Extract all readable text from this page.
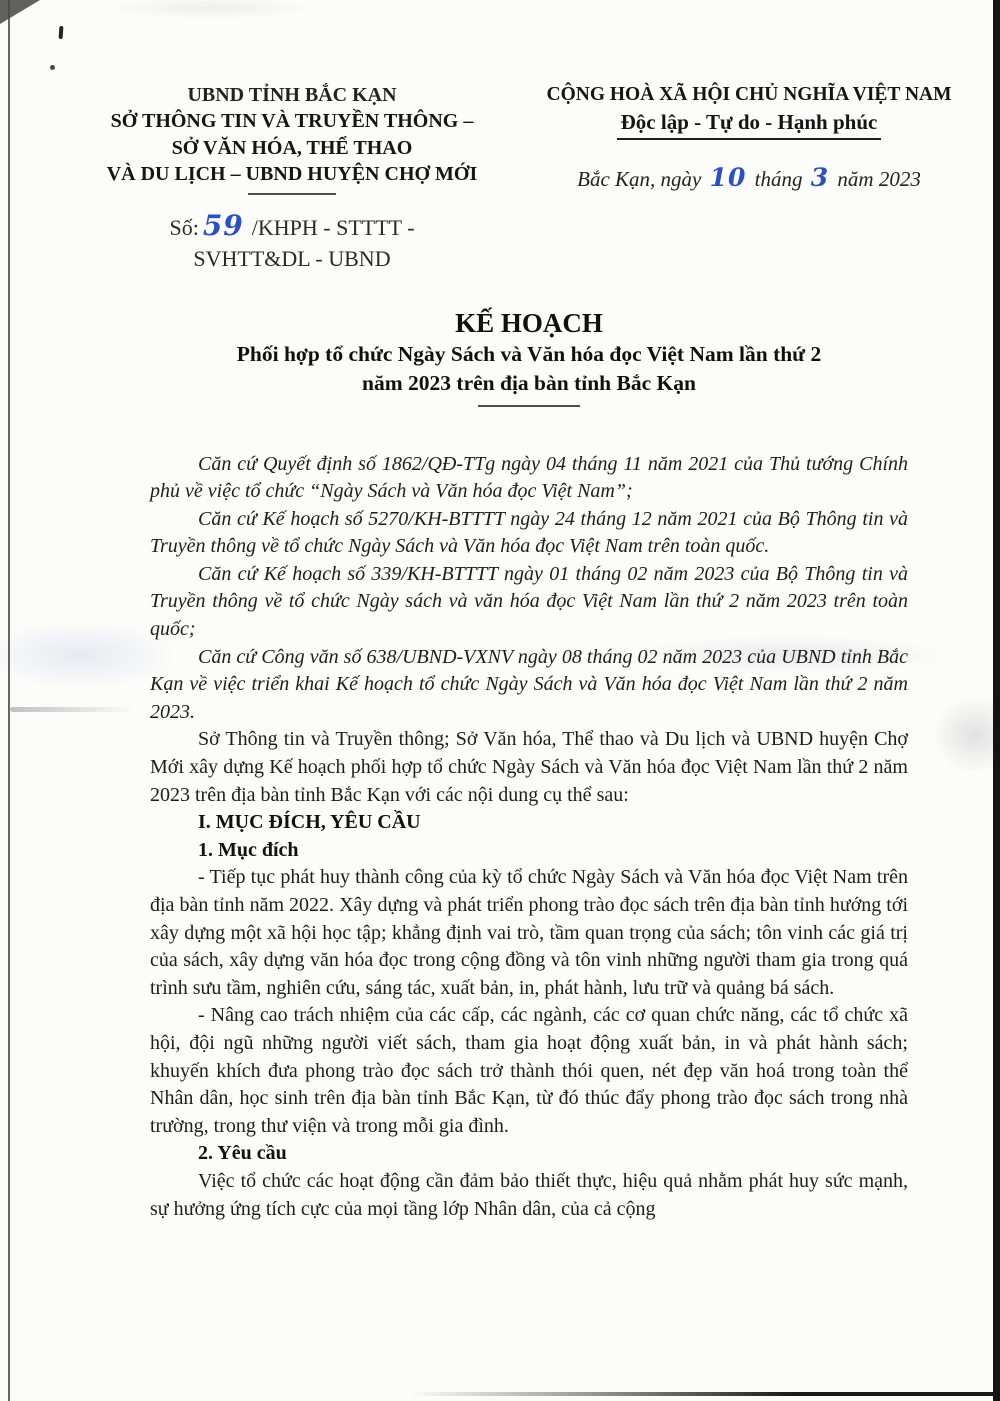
UBND TỈNH BẮC KẠN
SỞ THÔNG TIN VÀ TRUYỀN THÔNG –
SỞ VĂN HÓA, THỂ THAO
VÀ DU LỊCH – UBND HUYỆN CHỢ MỚI
Số: 59 /KHPH - STTTT -
SVHTT&DL - UBND
CỘNG HOÀ XÃ HỘI CHỦ NGHĨA VIỆT NAM
Độc lập - Tự do - Hạnh phúc
Bắc Kạn, ngày 10 tháng 3 năm 2023
KẾ HOẠCH
Phối hợp tổ chức Ngày Sách và Văn hóa đọc Việt Nam lần thứ 2
năm 2023 trên địa bàn tỉnh Bắc Kạn

Căn cứ Quyết định số 1862/QĐ-TTg ngày 04 tháng 11 năm 2021 của Thủ tướng Chính phủ về việc tổ chức “Ngày Sách và Văn hóa đọc Việt Nam”;

Căn cứ Kế hoạch số 5270/KH-BTTTT ngày 24 tháng 12 năm 2021 của Bộ Thông tin và Truyền thông về tổ chức Ngày Sách và Văn hóa đọc Việt Nam trên toàn quốc.

Căn cứ Kế hoạch số 339/KH-BTTTT ngày 01 tháng 02 năm 2023 của Bộ Thông tin và Truyền thông về tổ chức Ngày sách và văn hóa đọc Việt Nam lần thứ 2 năm 2023 trên toàn quốc;

Căn cứ Công văn số 638/UBND-VXNV ngày 08 tháng 02 năm 2023 của UBND tỉnh Bắc Kạn về việc triển khai Kế hoạch tổ chức Ngày Sách và Văn hóa đọc Việt Nam lần thứ 2 năm 2023.

Sở Thông tin và Truyền thông; Sở Văn hóa, Thể thao và Du lịch và UBND huyện Chợ Mới xây dựng Kế hoạch phối hợp tổ chức Ngày Sách và Văn hóa đọc Việt Nam lần thứ 2 năm 2023 trên địa bàn tỉnh Bắc Kạn với các nội dung cụ thể sau:

I. MỤC ĐÍCH, YÊU CẦU

1. Mục đích

- Tiếp tục phát huy thành công của kỳ tổ chức Ngày Sách và Văn hóa đọc Việt Nam trên địa bàn tỉnh năm 2022. Xây dựng và phát triển phong trào đọc sách trên địa bàn tỉnh hướng tới xây dựng một xã hội học tập; khẳng định vai trò, tầm quan trọng của sách; tôn vinh các giá trị của sách, xây dựng văn hóa đọc trong cộng đồng và tôn vinh những người tham gia trong quá trình sưu tầm, nghiên cứu, sáng tác, xuất bản, in, phát hành, lưu trữ và quảng bá sách.

- Nâng cao trách nhiệm của các cấp, các ngành, các cơ quan chức năng, các tổ chức xã hội, đội ngũ những người viết sách, tham gia hoạt động xuất bản, in và phát hành sách; khuyến khích đưa phong trào đọc sách trở thành thói quen, nét đẹp văn hoá trong toàn thể Nhân dân, học sinh trên địa bàn tỉnh Bắc Kạn, từ đó thúc đẩy phong trào đọc sách trong nhà trường, trong thư viện và trong mỗi gia đình.

2. Yêu cầu

Việc tổ chức các hoạt động cần đảm bảo thiết thực, hiệu quả nhằm phát huy sức mạnh, sự hưởng ứng tích cực của mọi tầng lớp Nhân dân, của cả cộng
